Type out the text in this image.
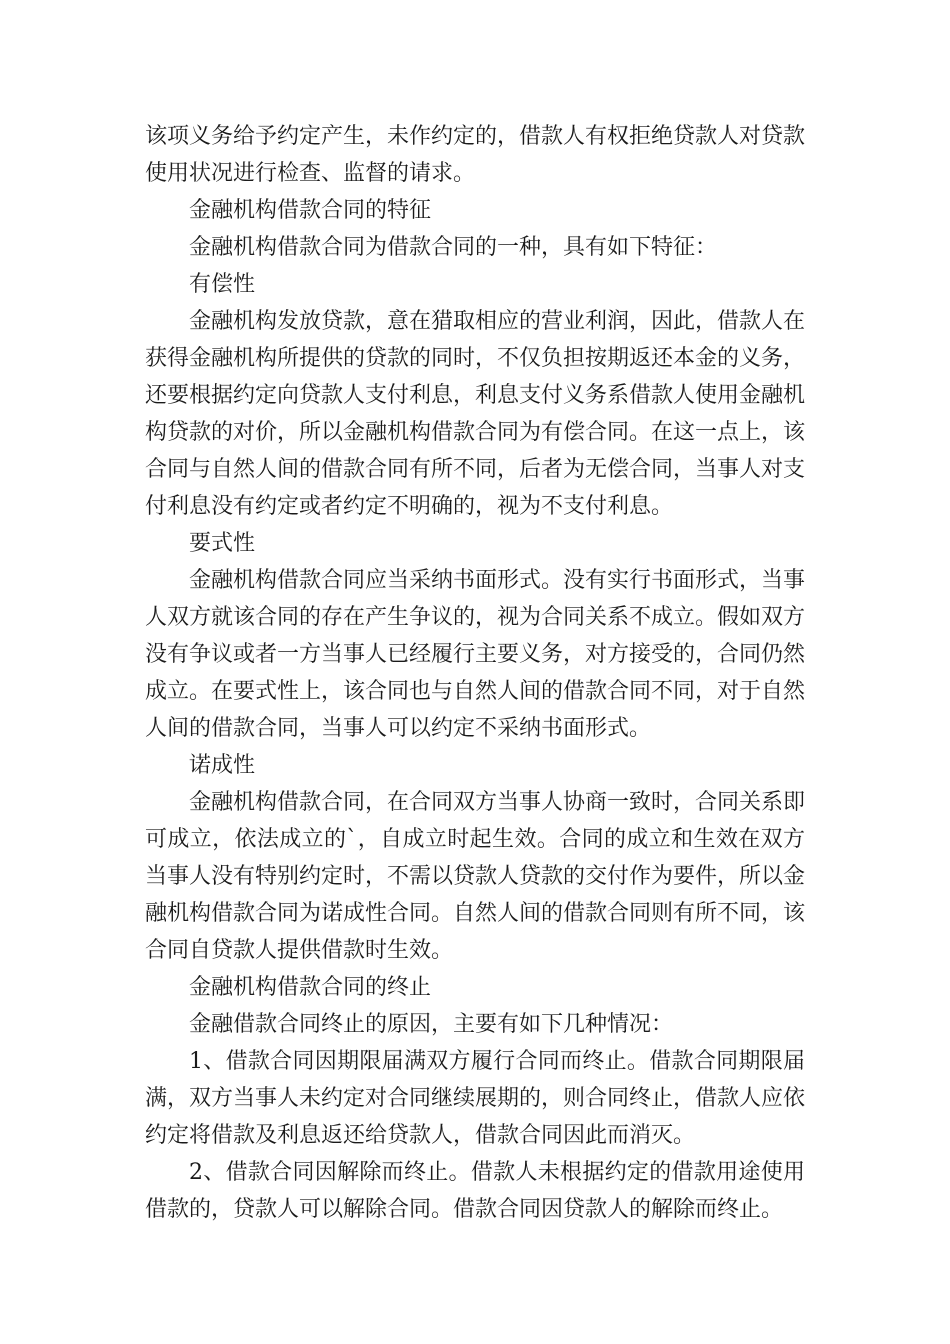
该项义务给予约定产生，未作约定的，借款人有权拒绝贷款人对贷款使用状况进行检查、监督的请求。

金融机构借款合同的特征

金融机构借款合同为借款合同的一种，具有如下特征：

有偿性

金融机构发放贷款，意在猎取相应的营业利润，因此，借款人在获得金融机构所提供的贷款的同时，不仅负担按期返还本金的义务，还要根据约定向贷款人支付利息，利息支付义务系借款人使用金融机构贷款的对价，所以金融机构借款合同为有偿合同。在这一点上，该合同与自然人间的借款合同有所不同，后者为无偿合同，当事人对支付利息没有约定或者约定不明确的，视为不支付利息。

要式性

金融机构借款合同应当采纳书面形式。没有实行书面形式，当事人双方就该合同的存在产生争议的，视为合同关系不成立。假如双方没有争议或者一方当事人已经履行主要义务，对方接受的，合同仍然成立。在要式性上，该合同也与自然人间的借款合同不同，对于自然人间的借款合同，当事人可以约定不采纳书面形式。

诺成性

金融机构借款合同，在合同双方当事人协商一致时，合同关系即可成立，依法成立的`，自成立时起生效。合同的成立和生效在双方当事人没有特别约定时，不需以贷款人贷款的交付作为要件，所以金融机构借款合同为诺成性合同。自然人间的借款合同则有所不同，该合同自贷款人提供借款时生效。

金融机构借款合同的终止

金融借款合同终止的原因，主要有如下几种情况：

1、借款合同因期限届满双方履行合同而终止。借款合同期限届满，双方当事人未约定对合同继续展期的，则合同终止，借款人应依约定将借款及利息返还给贷款人，借款合同因此而消灭。

2、借款合同因解除而终止。借款人未根据约定的借款用途使用借款的，贷款人可以解除合同。借款合同因贷款人的解除而终止。
